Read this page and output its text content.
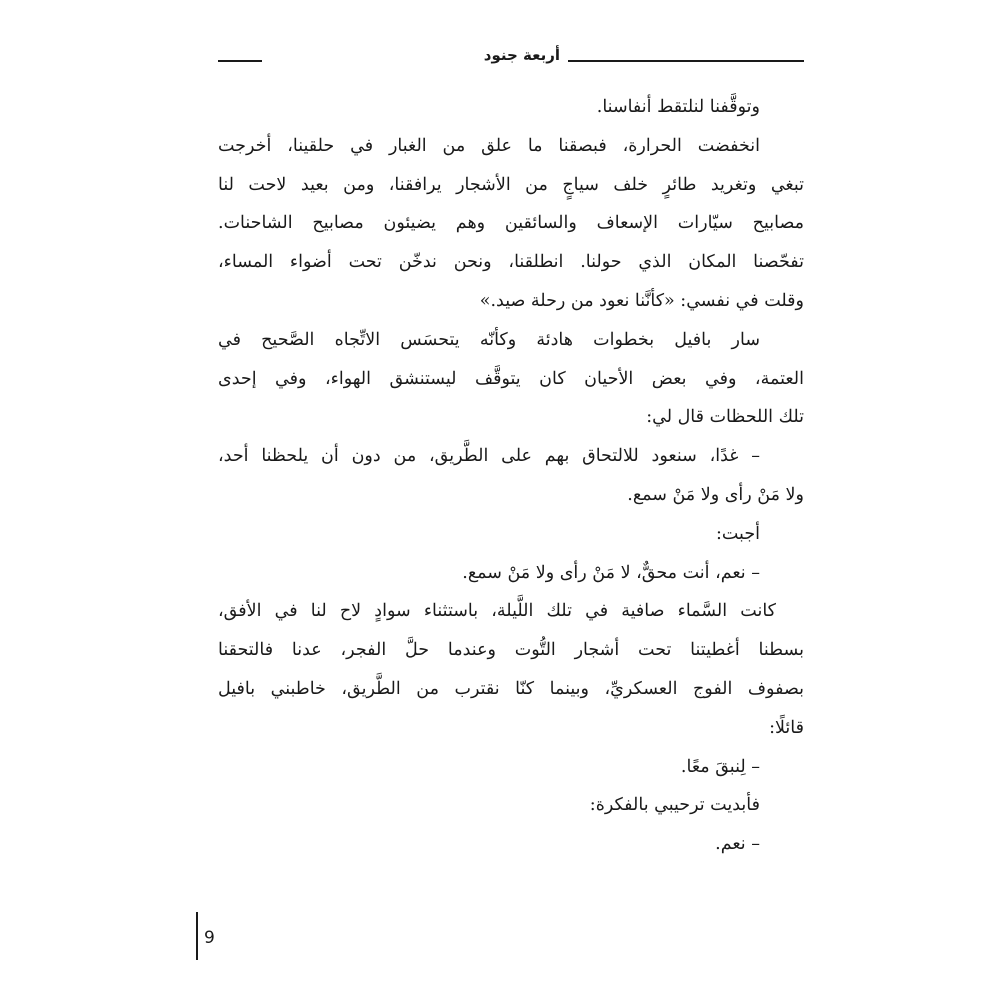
أربعة جنود
وتوقَّفنا لنلتقط أنفاسنا.
انخفضت الحرارة، فبصقنا ما علق من الغبار في حلقينا، أخرجت
تبغي وتغريد طائرٍ خلف سياجٍ من الأشجار يرافقنا، ومن بعيد لاحت لنا
مصابيح سيّارات الإسعاف والسائقين وهم يضيئون مصابيح الشاحنات.
تفحّصنا المكان الذي حولنا. انطلقنا، ونحن ندخّن تحت أضواء المساء،
وقلت في نفسي: «كأنَّنا نعود من رحلة صيد.»
سار بافيل بخطوات هادئة وكأنّه يتحسَس الاتِّجاه الصَّحيح في
العتمة، وفي بعض الأحيان كان يتوقَّف ليستنشق الهواء، وفي إحدى
تلك اللحظات قال لي:
– غدًا، سنعود للالتحاق بهم على الطَّريق، من دون أن يلحظنا أحد،
ولا مَنْ رأى ولا مَنْ سمع.
أجبت:
– نعم، أنت محقٌّ، لا مَنْ رأى ولا مَنْ سمع.
كانت السَّماء صافية في تلك اللَّيلة، باستثناء سوادٍ لاح لنا في الأفق،
بسطنا أغطيتنا تحت أشجار التُّوت وعندما حلَّ الفجر، عدنا فالتحقنا
بصفوف الفوج العسكريِّ، وبينما كنّا نقترب من الطَّريق، خاطبني بافيل
قائلًا:
– لِنبقَ معًا.
فأبديت ترحيبي بالفكرة:
– نعم.
9
